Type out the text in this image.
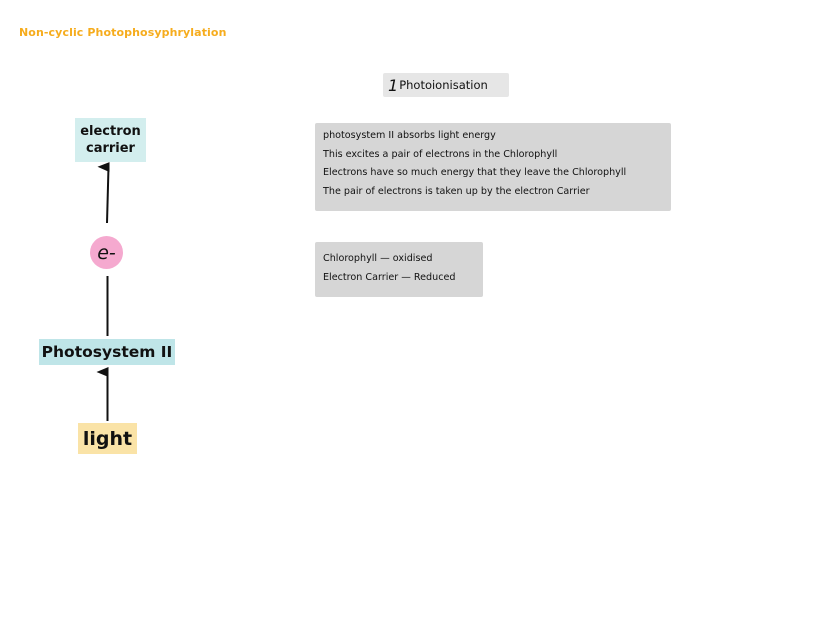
Non-cyclic Photophosyphrylation
1 Photoionisation
photosystem II absorbs light energy
This excites a pair of electrons in the Chlorophyll
Electrons have so much energy that they leave the Chlorophyll
The pair of electrons is taken up by the electron Carrier
Chlorophyll — oxidised
Electron Carrier — Reduced
electron
carrier
e-
Photosystem II
light
